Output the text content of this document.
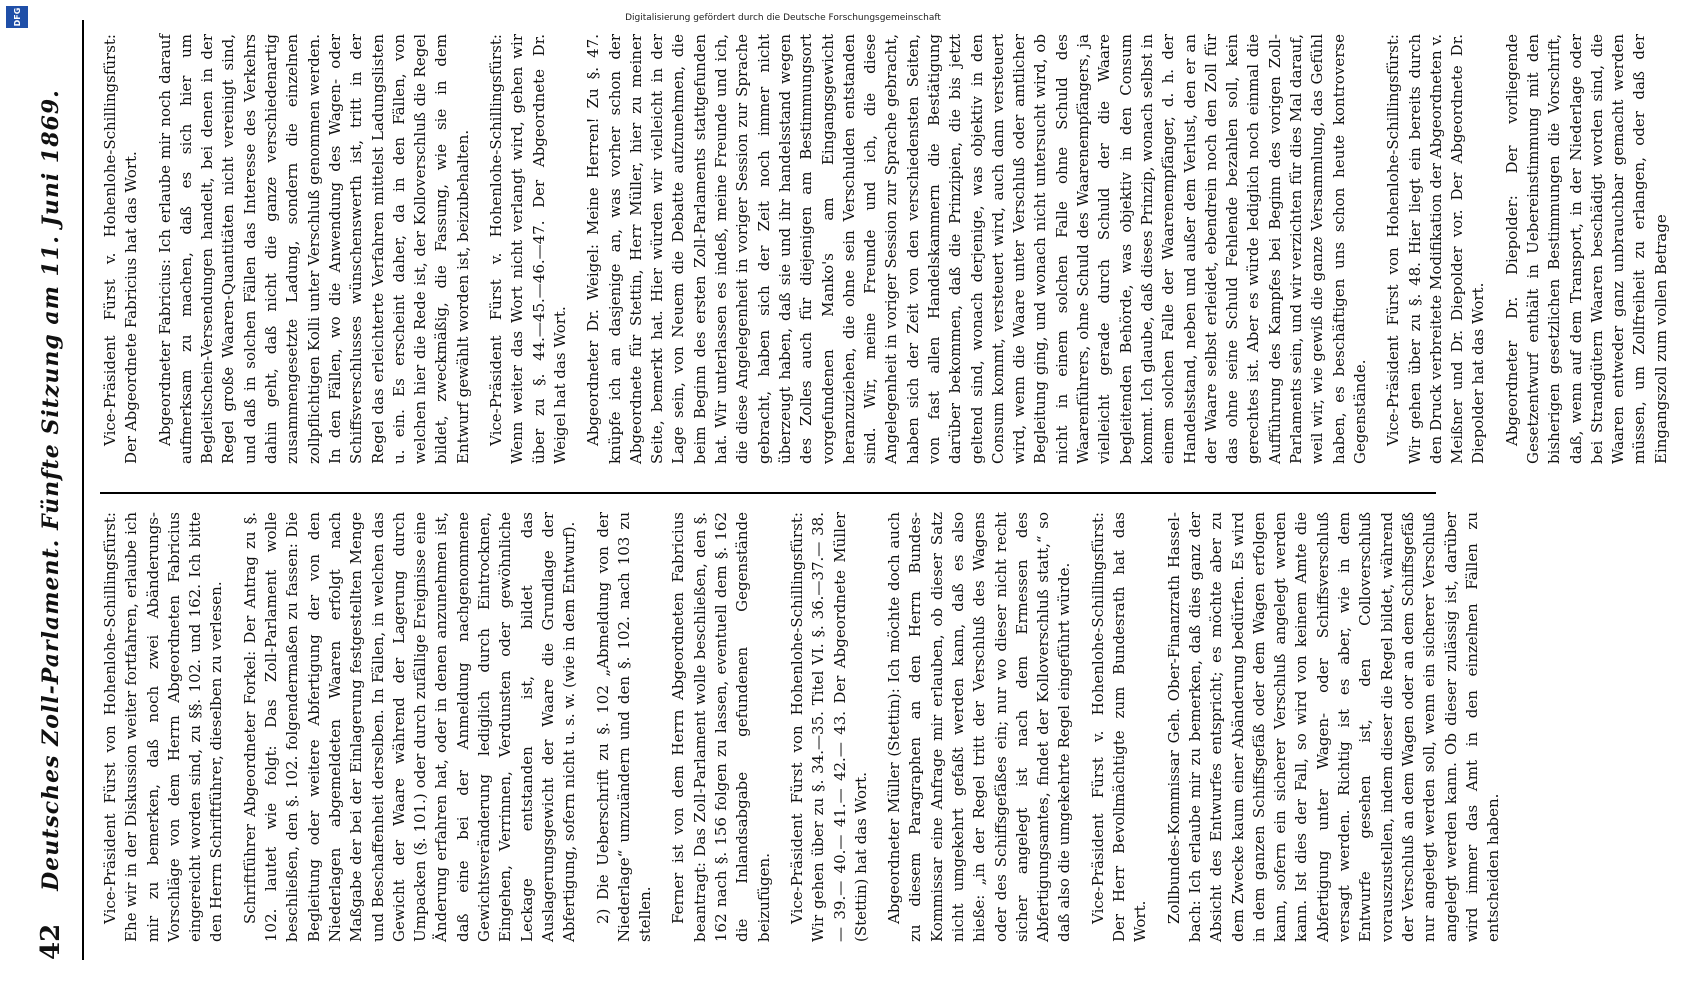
DFG
42
Deutsches Zoll-Parlament. Fünfte Sitzung am 11. Juni 1869. Vice-Präsident Fürst von Hohenlohe-Schillingsfürst: Ehe wir in der Diskussion weiter fortfahren, erlaube ich mir zu bemerken, daß noch zwei Abänderungs-Vorschläge von dem Herrn Abgeordneten Fabricius eingereicht worden sind, zu §§. 102. und 162. Ich bitte den Herrn Schriftführer, dieselben zu verlesen. Schriftführer Abgeordneter Forkel: Der Antrag zu §. 102. lautet wie folgt: Das Zoll-Parlament wolle beschließen, den §. 102. folgendermaßen zu fassen: Die Begleitung oder weitere Abfertigung der von den Niederlagen abgemeldeten Waaren erfolgt nach Maßgabe der bei der Einlagerung festgestellten Menge und Beschaffenheit derselben. In Fällen, in welchen das Gewicht der Waare während der Lagerung durch Umpacken (§. 101.) oder durch zufällige Ereignisse eine Änderung erfahren hat, oder in denen anzunehmen ist, daß eine bei der Anmeldung nachgenommene Gewichtsveränderung lediglich durch Eintrocknen, Eingehen, Verrinnen, Verdunsten oder gewöhnliche Leckage entstanden ist, bildet das Auslagerungsgewicht der Waare die Grundlage der Abfertigung, sofern nicht u. s. w. (wie in dem Entwurf). 2) Die Ueberschrift zu §. 102 „Abmeldung von der Niederlage“ umzuändern und den §. 102. nach 103 zu stellen. Ferner ist von dem Herrn Abgeordneten Fabricius beantragt: Das Zoll-Parlament wolle beschließen, den §. 162 nach §. 156 folgen zu lassen, eventuell dem §. 162 die Inlandsabgabe gefundenen Gegenstände beizufügen. Vice-Präsident Fürst von Hohenlohe-Schillingsfürst: Wir gehen über zu §. 34.—35. Titel VI. §. 36.—37.— 38.— 39.— 40.— 41.— 42.— 43. Der Abgeordnete Müller (Stettin) hat das Wort. Abgeordneter Müller (Stettin): Ich möchte doch auch zu diesem Paragraphen an den Herrn Bundes-Kommissar eine Anfrage mir erlauben, ob dieser Satz nicht umgekehrt gefaßt werden kann, daß es also hieße: „in der Regel tritt der Verschluß des Wagens oder des Schiffsgefäßes ein; nur wo dieser nicht recht sicher angelegt ist nach dem Ermessen des Abfertigungsamtes, findet der Kolloverschluß statt,“ so daß also die umgekehrte Regel eingeführt würde. Vice-Präsident Fürst v. Hohenlohe-Schillingsfürst: Der Herr Bevollmächtigte zum Bundesrath hat das Wort. Zollbundes-Kommissar Geh. Ober-Finanzrath Hassel-bach: Ich erlaube mir zu bemerken, daß dies ganz der Absicht des Entwurfes entspricht; es möchte aber zu dem Zwecke kaum einer Abänderung bedürfen. Es wird in dem ganzen Schiffsgefäß oder dem Wagen erfolgen kann, sofern ein sicherer Verschluß angelegt werden kann. Ist dies der Fall, so wird von keinem Amte die Abfertigung unter Wagen- oder Schiffsverschluß versagt werden. Richtig ist es aber, wie in dem Entwurfe gesehen ist, den Colloverschluß vorauszustellen, indem dieser die Regel bildet, während der Verschluß an dem Wagen oder an dem Schiffsgefäß nur angelegt werden soll, wenn ein sicherer Verschluß angelegt werden kann. Ob dieser zulässig ist, darüber wird immer das Amt in den einzelnen Fällen zu entscheiden haben.

Vice-Präsident Fürst v. Hohenlohe-Schillingsfürst: Der Abgeordnete Fabricius hat das Wort. Abgeordneter Fabricius: Ich erlaube mir noch darauf aufmerksam zu machen, daß es sich hier um Begleitschein-Versendungen handelt, bei denen in der Regel große Waaren-Quantitäten nicht vereinigt sind, und daß in solchen Fällen das Interesse des Verkehrs dahin geht, daß nicht die ganze verschiedenartig zusammengesetzte Ladung, sondern die einzelnen zollpflichtigen Kolli unter Verschluß genommen werden. In den Fällen, wo die Anwendung des Wagen- oder Schiffsverschlusses wünschenswerth ist, tritt in der Regel das erleichterte Verfahren mittelst Ladungslisten u. ein. Es erscheint daher, da in den Fällen, von welchen hier die Rede ist, der Kolloverschluß die Regel bildet, zweckmäßig, die Fassung, wie sie in dem Entwurf gewählt worden ist, beizubehalten. Vice-Präsident Fürst v. Hohenlohe-Schillingsfürst: Wenn weiter das Wort nicht verlangt wird, gehen wir über zu §. 44.—45.—46.—47. Der Abgeordnete Dr. Weigel hat das Wort. Abgeordneter Dr. Weigel: Meine Herren! Zu §. 47. knüpfe ich an dasjenige an, was vorher schon der Abgeordnete für Stettin, Herr Müller, hier zu meiner Seite, bemerkt hat. Hier würden wir vielleicht in der Lage sein, von Neuem die Debatte aufzunehmen, die beim Beginn des ersten Zoll-Parlaments stattgefunden hat. Wir unterlassen es indeß, meine Freunde und ich, die diese Angelegenheit in voriger Session zur Sprache gebracht, haben sich der Zeit noch immer nicht überzeugt haben, daß sie und ihr handelsstand wegen des Zolles auch für diejenigen am Bestimmungsort vorgefundenen Manko's am Eingangsgewicht heranzuziehen, die ohne sein Verschulden entstanden sind. Wir, meine Freunde und ich, die diese Angelegenheit in voriger Session zur Sprache gebracht, haben sich der Zeit von den verschiedensten Seiten, von fast allen Handelskammern die Bestätigung darüber bekommen, daß die Prinzipien, die bis jetzt geltend sind, wonach derjenige, was objektiv in den Consum kommt, versteuert wird, auch dann versteuert wird, wenn die Waare unter Verschluß oder amtlicher Begleitung ging, und wonach nicht untersucht wird, ob nicht in einem solchen Falle ohne Schuld des Waarenführers, ohne Schuld des Waarenempfängers, ja vielleicht gerade durch Schuld der die Waare begleitenden Behörde, was objektiv in den Consum kommt. Ich glaube, daß dieses Prinzip, wonach selbst in einem solchen Falle der Waarenempfänger, d. h. der Handelsstand, neben und außer dem Verlust, den er an der Waare selbst erleidet, ebendrein noch den Zoll für das ohne seine Schuld Fehlende bezahlen soll, kein gerechtes ist. Aber es würde lediglich noch einmal die Aufführung des Kampfes bei Beginn des vorigen Zoll-Parlaments sein, und wir verzichten für dies Mal darauf, weil wir, wie gewiß die ganze Versammlung, das Gefühl haben, es beschäftigen uns schon heute kontroverse Gegenstände. Vice-Präsident Fürst von Hohenlohe-Schillingsfürst: Wir gehen über zu §. 48. Hier liegt ein bereits durch den Druck verbreitete Modifikation der Abgeordneten v. Meißner und Dr. Diepolder vor. Der Abgeordnete Dr. Diepolder hat das Wort. Abgeordneter Dr. Diepolder: Der vorliegende Gesetzentwurf enthält in Uebereinstimmung mit den bisherigen gesetzlichen Bestimmungen die Vorschrift, daß, wenn auf dem Transport, in der Niederlage oder bei Strandgütern Waaren beschädigt worden sind, die Waaren entweder ganz unbrauchbar gemacht werden müssen, um Zollfreiheit zu erlangen, oder daß der Eingangszoll zum vollen Betrage

Digitalisierung gefördert durch die Deutsche Forschungsgemeinschaft
